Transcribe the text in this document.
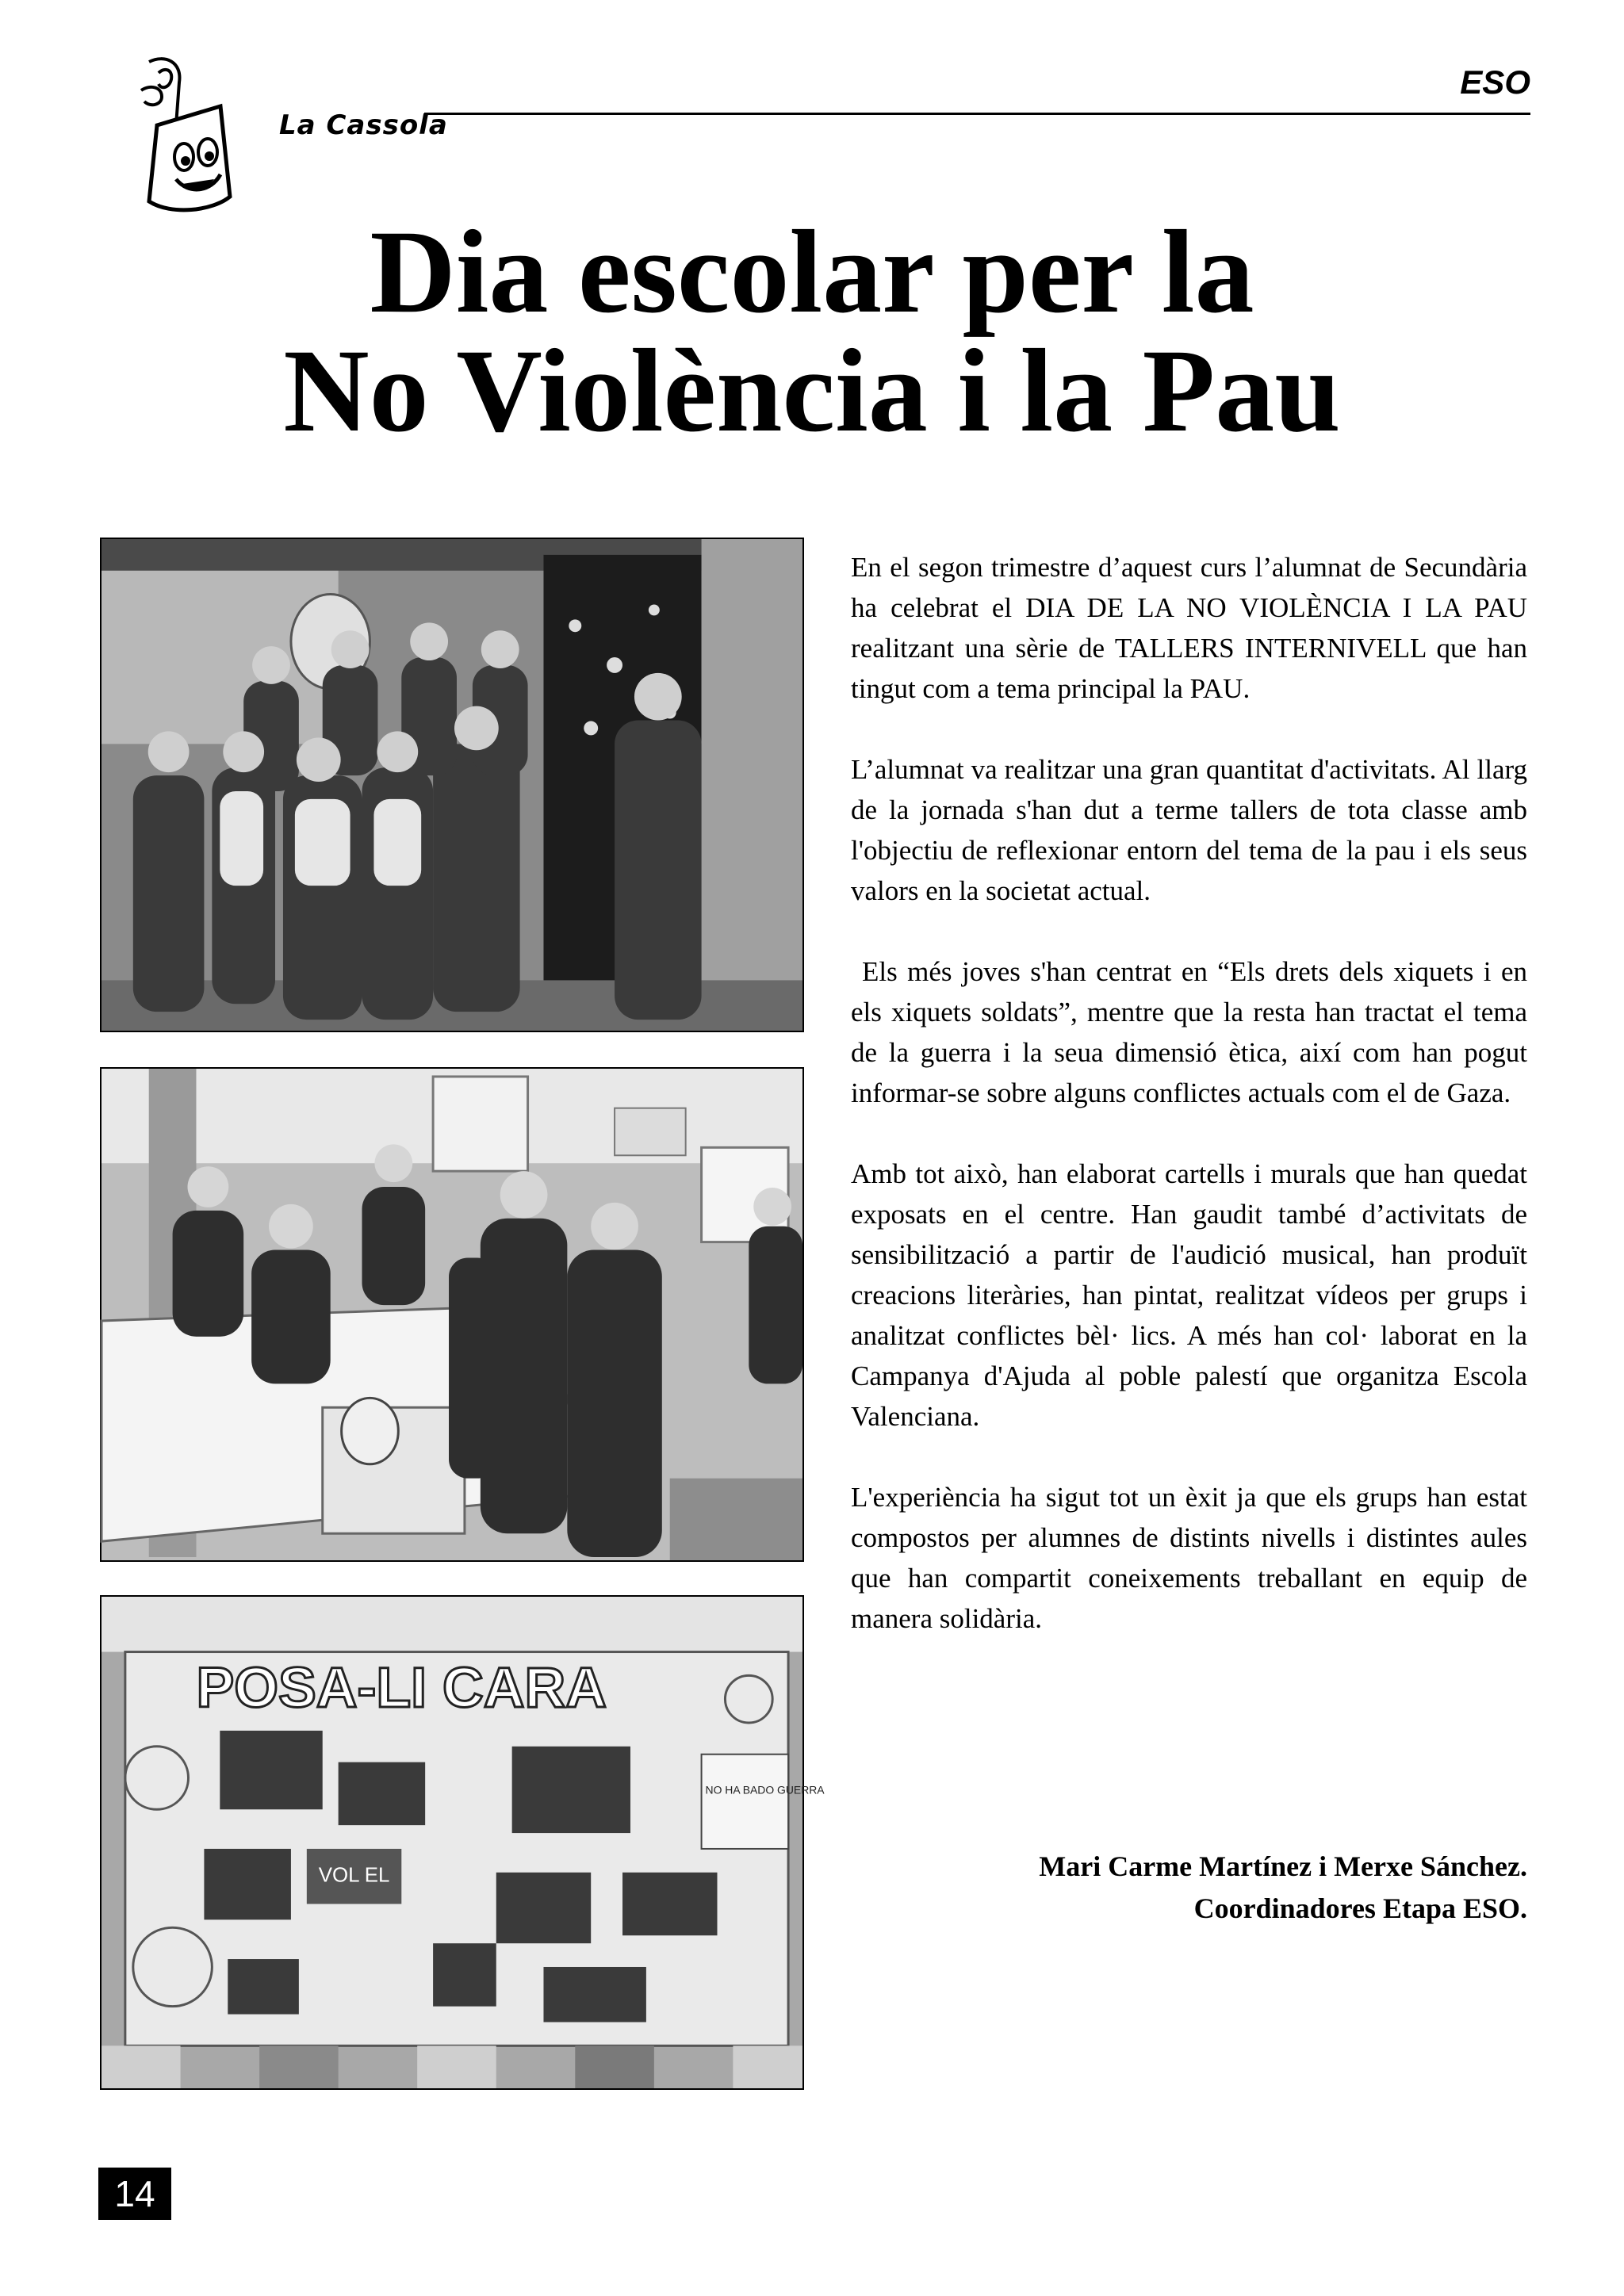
La Cassola
ESO
Dia escolar per la
No Violència i la Pau
POSA-LI CARA
VOL EL
NO HA BADO GUERRA

En el segon trimestre d’aquest curs l’alumnat de Secundària ha celebrat el DIA DE LA NO VIOLÈNCIA I LA PAU realitzant una sèrie de TALLERS INTERNIVELL que han tingut com a tema principal la PAU.

L’alumnat va realitzar una gran quantitat d'activitats. Al llarg de la jornada s'han dut a terme tallers de tota classe amb l'objectiu de reflexionar entorn del tema de la pau i els seus valors en la societat actual.

Els més joves s'han centrat en “Els drets dels xiquets i en els xiquets soldats”, mentre que la resta han tractat el tema de la guerra i la seua dimensió ètica, així com han pogut informar-se sobre alguns conflictes actuals com el de Gaza.

Amb tot això, han elaborat cartells i murals que han quedat exposats en el centre. Han gaudit també d’activitats de sensibilització a partir de l'audició musical, han produït creacions literàries, han pintat, realitzat vídeos per grups i analitzat conflictes bèl· lics. A més han col· laborat en la Campanya d'Ajuda al poble palestí que organitza Escola Valenciana.

L'experiència ha sigut tot un èxit ja que els grups han estat compostos per alumnes de distints nivells i distintes aules que han compartit coneixements treballant en equip de manera solidària.

Mari Carme Martínez i Merxe Sánchez.
Coordinadores Etapa ESO.
14
